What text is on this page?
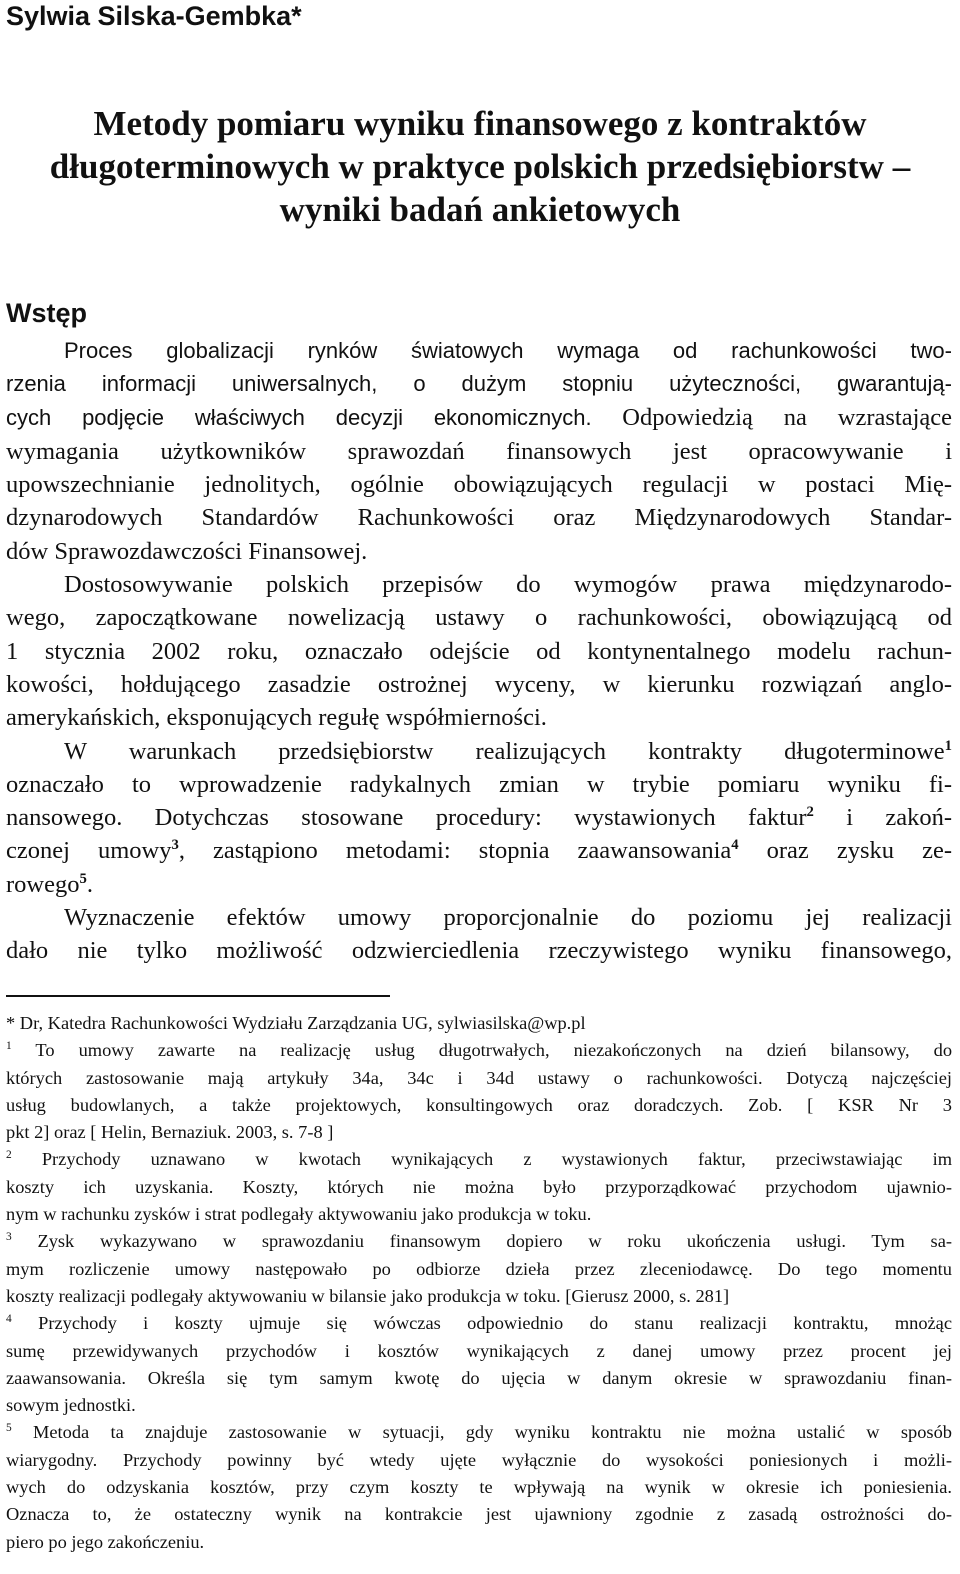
Sylwia Silska-Gembka*
Metody pomiaru wyniku finansowego z kontraktów
długoterminowych w praktyce polskich przedsiębiorstw –
wyniki badań ankietowych
Wstęp
Proces globalizacji rynków światowych wymaga od rachunkowości two-
rzenia informacji uniwersalnych, o dużym stopniu użyteczności, gwarantują-
cych podjęcie właściwych decyzji ekonomicznych. Odpowiedzią na wzrastające
wymagania użytkowników sprawozdań finansowych jest opracowywanie i
upowszechnianie jednolitych, ogólnie obowiązujących regulacji w postaci Mię-
dzynarodowych Standardów Rachunkowości oraz Międzynarodowych Standar-
dów Sprawozdawczości Finansowej.
Dostosowywanie polskich przepisów do wymogów prawa międzynarodo-
wego, zapoczątkowane nowelizacją ustawy o rachunkowości, obowiązującą od
1 stycznia 2002 roku, oznaczało odejście od kontynentalnego modelu rachun-
kowości, hołdującego zasadzie ostrożnej wyceny, w kierunku rozwiązań anglo-
amerykańskich, eksponujących regułę współmierności.
W warunkach przedsiębiorstw realizujących kontrakty długoterminowe$^1$
oznaczało to wprowadzenie radykalnych zmian w trybie pomiaru wyniku fi-
nansowego. Dotychczas stosowane procedury: wystawionych faktur$^2$ i zakoń-
czonej umowy$^3$, zastąpiono metodami: stopnia zaawansowania$^4$ oraz zysku ze-
rowego$^5$.
Wyznaczenie efektów umowy proporcjonalnie do poziomu jej realizacji
dało nie tylko możliwość odzwierciedlenia rzeczywistego wyniku finansowego,
* Dr, Katedra Rachunkowości Wydziału Zarządzania UG, sylwiasilska@wp.pl
$^1$ To umowy zawarte na realizację usług długotrwałych, niezakończonych na dzień bilansowy, do
których zastosowanie mają artykuły 34a, 34c i 34d ustawy o rachunkowości. Dotyczą najczęściej
usług budowlanych, a także projektowych, konsultingowych oraz doradczych. Zob. [ KSR Nr 3
pkt 2] oraz [ Helin, Bernaziuk. 2003, s. 7-8 ]
$^2$ Przychody uznawano w kwotach wynikających z wystawionych faktur, przeciwstawiając im
koszty ich uzyskania. Koszty, których nie można było przyporządkować przychodom ujawnio-
nym w rachunku zysków i strat podlegały aktywowaniu jako produkcja w toku.
$^3$ Zysk wykazywano w sprawozdaniu finansowym dopiero w roku ukończenia usługi. Tym sa-
mym rozliczenie umowy następowało po odbiorze dzieła przez zleceniodawcę. Do tego momentu
koszty realizacji podlegały aktywowaniu w bilansie jako produkcja w toku. [Gierusz 2000, s. 281]
$^4$ Przychody i koszty ujmuje się wówczas odpowiednio do stanu realizacji kontraktu, mnożąc
sumę przewidywanych przychodów i kosztów wynikających z danej umowy przez procent jej
zaawansowania. Określa się tym samym kwotę do ujęcia w danym okresie w sprawozdaniu finan-
sowym jednostki.
$^5$ Metoda ta znajduje zastosowanie w sytuacji, gdy wyniku kontraktu nie można ustalić w sposób
wiarygodny. Przychody powinny być wtedy ujęte wyłącznie do wysokości poniesionych i możli-
wych do odzyskania kosztów, przy czym koszty te wpływają na wynik w okresie ich poniesienia.
Oznacza to, że ostateczny wynik na kontrakcie jest ujawniony zgodnie z zasadą ostrożności do-
piero po jego zakończeniu.
